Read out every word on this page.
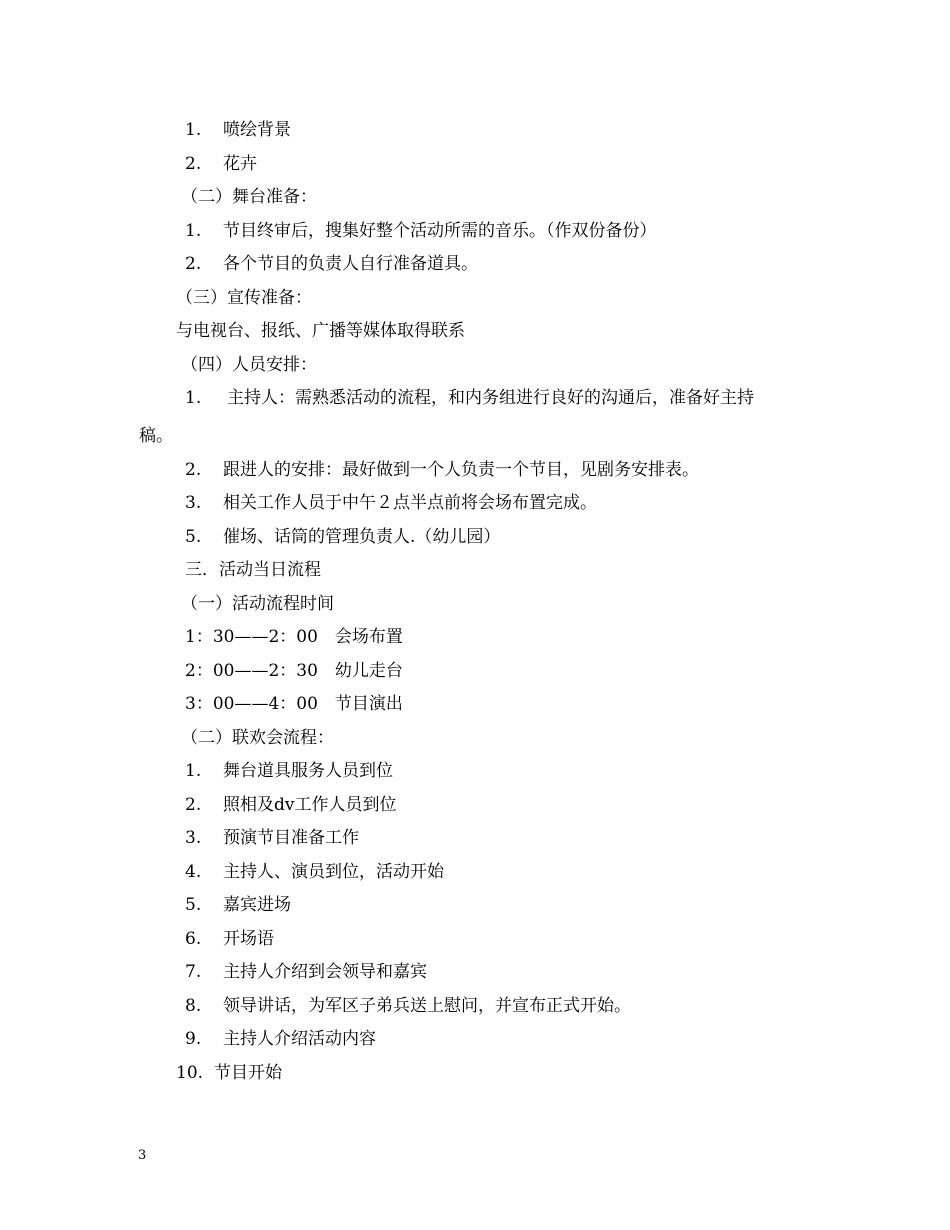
1. 喷绘背景
2. 花卉
（二）舞台准备：
1. 节目终审后，搜集好整个活动所需的音乐。（作双份备份）
2. 各个节目的负责人自行准备道具。
（三）宣传准备：
与电视台、报纸、广播等媒体取得联系
（四）人员安排：
1. 主持人：需熟悉活动的流程，和内务组进行良好的沟通后，准备好主持
稿。
2. 跟进人的安排：最好做到一个人负责一个节目，见剧务安排表。
3. 相关工作人员于中午２点半点前将会场布置完成。
5. 催场、话筒的管理负责人.（幼儿园）
三．活动当日流程
（一）活动流程时间
1：30——2：00　会场布置
2：00——2：30　幼儿走台
3：00——4：00　节目演出
（二）联欢会流程：
1. 舞台道具服务人员到位
2. 照相及dv工作人员到位
3. 预演节目准备工作
4. 主持人、演员到位，活动开始
5. 嘉宾进场
6. 开场语
7. 主持人介绍到会领导和嘉宾
8. 领导讲话，为军区子弟兵送上慰问，并宣布正式开始。
9. 主持人介绍活动内容
10. 节目开始
3
